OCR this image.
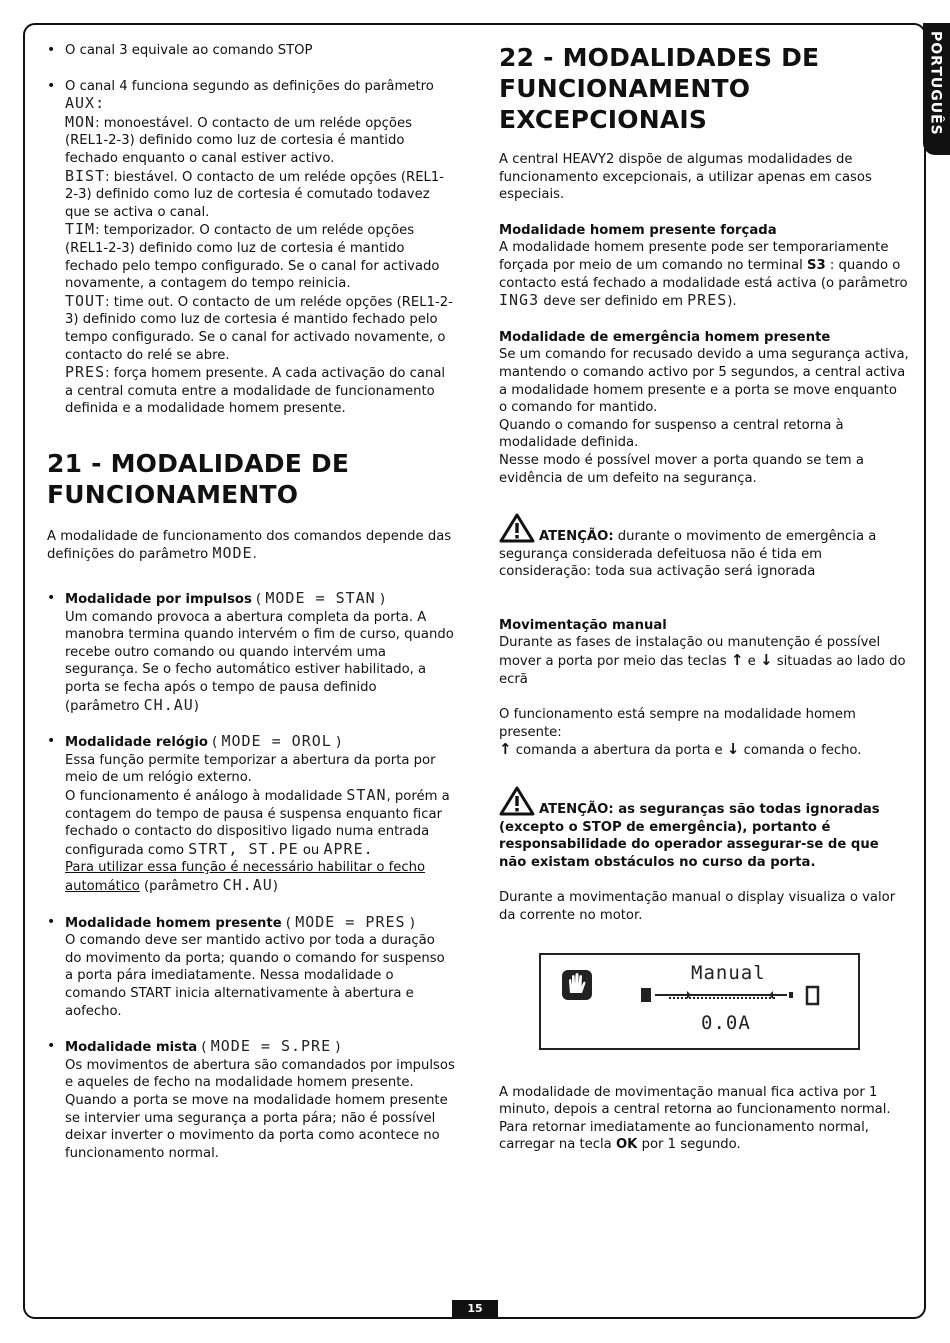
PORTUGUÊS
• O canal 3 equivale ao comando STOP
• O canal 4 funciona segundo as definições do parâmetro AUX:
MON: monoestável. O contacto de um reléde opções (REL1-2-3) definido como luz de cortesia é mantido fechado enquanto o canal estiver activo.
BIST: biestável. O contacto de um reléde opções (REL1-2-3) definido como luz de cortesia é comutado todavez que se activa o canal.
TIM: temporizador. O contacto de um reléde opções (REL1-2-3) definido como luz de cortesia é mantido fechado pelo tempo configurado. Se o canal for activado novamente, a contagem do tempo reinicia.
TOUT: time out. O contacto de um reléde opções (REL1-2-3) definido como luz de cortesia é mantido fechado pelo tempo configurado. Se o canal for activado novamente, o contacto do relé se abre.
PRES: força homem presente. A cada activação do canal a central comuta entre a modalidade de funcionamento definida e a modalidade homem presente.
21 - MODALIDADE DE
FUNCIONAMENTO

A modalidade de funcionamento dos comandos depende das definições do parâmetro MODE.

• Modalidade por impulsos ( MODE = STAN )
Um comando provoca a abertura completa da porta. A manobra termina quando intervém o fim de curso, quando recebe outro comando ou quando intervém uma segurança. Se o fecho automático estiver habilitado, a porta se fecha após o tempo de pausa definido (parâmetro CH.AU)
• Modalidade relógio ( MODE = OROL )
Essa função permite temporizar a abertura da porta por meio de um relógio externo.
O funcionamento é análogo à modalidade STAN, porém a contagem do tempo de pausa é suspensa enquanto ficar fechado o contacto do dispositivo ligado numa entrada configurada como STRT, ST.PE ou APRE.
Para utilizar essa função é necessário habilitar o fecho
automático (parâmetro CH.AU)
• Modalidade homem presente ( MODE = PRES )
O comando deve ser mantido activo por toda a duração do movimento da porta; quando o comando for suspenso a porta pára imediatamente. Nessa modalidade o comando START inicia alternativamente à abertura e aofecho.
• Modalidade mista ( MODE = S.PRE )
Os movimentos de abertura são comandados por impulsos e aqueles de fecho na modalidade homem presente. Quando a porta se move na modalidade homem presente se intervier uma segurança a porta pára; não é possível deixar inverter o movimento da porta como acontece no funcionamento normal.
22 - MODALIDADES DE
FUNCIONAMENTO EXCEPCIONAIS

A central HEAVY2 dispõe de algumas modalidades de funcionamento excepcionais, a utilizar apenas em casos especiais.

Modalidade homem presente forçada

A modalidade homem presente pode ser temporariamente forçada por meio de um comando no terminal S3 : quando o contacto está fechado a modalidade está activa (o parâmetro ING3 deve ser definido em PRES).

Modalidade de emergência homem presente

Se um comando for recusado devido a uma segurança activa, mantendo o comando activo por 5 segundos, a central activa a modalidade homem presente e a porta se move enquanto o comando for mantido.
Quando o comando for suspenso a central retorna à modalidade definida.
Nesse modo é possível mover a porta quando se tem a evidência de um defeito na segurança.

ATENÇÃO: durante o movimento de emergência a segurança considerada defeituosa não é tida em consideração: toda sua activação será ignorada

Movimentação manual

Durante as fases de instalação ou manutenção é possível mover a porta por meio das teclas ↑ e ↓ situadas ao lado do ecrã

O funcionamento está sempre na modalidade homem presente:
↑ comanda a abertura da porta e ↓ comanda o fecho.

ATENÇÃO: as seguranças são todas ignoradas (excepto o STOP de emergência), portanto é responsabilidade do operador assegurar-se de que não existam obstáculos no curso da porta.

Durante a movimentação manual o display visualiza o valor da corrente no motor.

Manual
0.0A

A modalidade de movimentação manual fica activa por 1 minuto, depois a central retorna ao funcionamento normal.
Para retornar imediatamente ao funcionamento normal, carregar na tecla OK por 1 segundo.

15
